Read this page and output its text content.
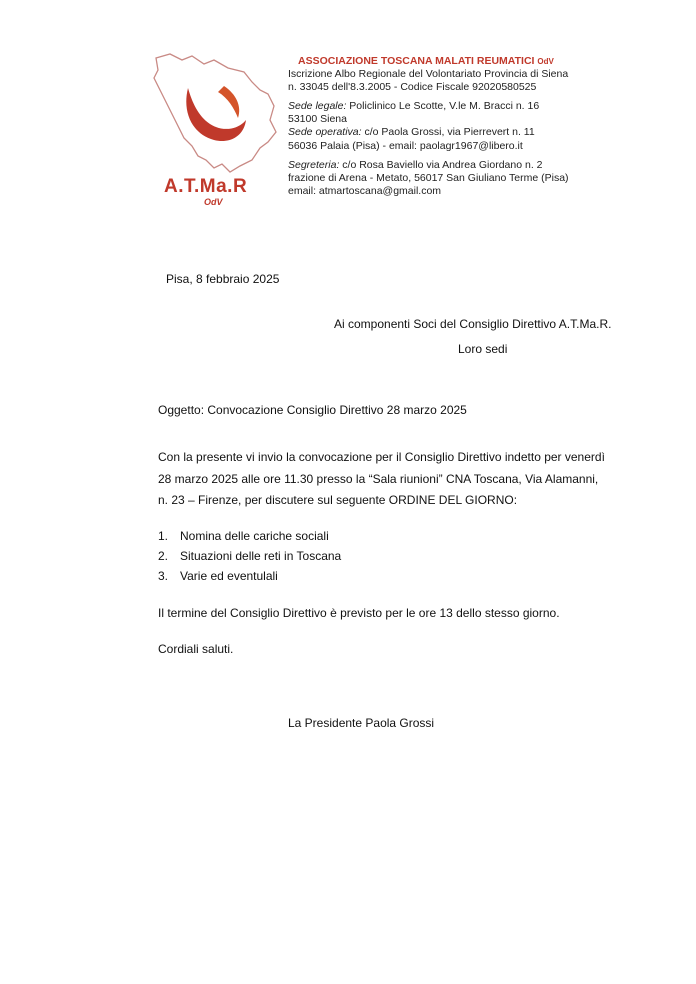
A.T.Ma.R
OdV
ASSOCIAZIONE TOSCANA MALATI REUMATICI OdV
Iscrizione Albo Regionale del Volontariato Provincia di Siena
n. 33045 dell'8.3.2005 - Codice Fiscale 92020580525
Sede legale: Policlinico Le Scotte, V.le M. Bracci n. 16
53100 Siena
Sede operativa: c/o Paola Grossi, via Pierrevert n. 11
56036 Palaia (Pisa) - email: paolagr1967@libero.it
Segreteria: c/o Rosa Baviello via Andrea Giordano n. 2
frazione di Arena - Metato, 56017 San Giuliano Terme (Pisa)
email: atmartoscana@gmail.com
Pisa, 8 febbraio 2025
Ai componenti Soci del Consiglio Direttivo A.T.Ma.R.
Loro sedi
Oggetto: Convocazione Consiglio Direttivo 28 marzo 2025
Con la presente vi invio la convocazione per il Consiglio Direttivo indetto per venerdì
28 marzo 2025 alle ore 11.30 presso la “Sala riunioni” CNA Toscana, Via Alamanni,
n. 23 – Firenze, per discutere sul seguente ORDINE DEL GIORNO:
1. Nomina delle cariche sociali
2. Situazioni delle reti in Toscana
3. Varie ed eventulali
Il termine del Consiglio Direttivo è previsto per le ore 13 dello stesso giorno.
Cordiali saluti.
La Presidente Paola Grossi
